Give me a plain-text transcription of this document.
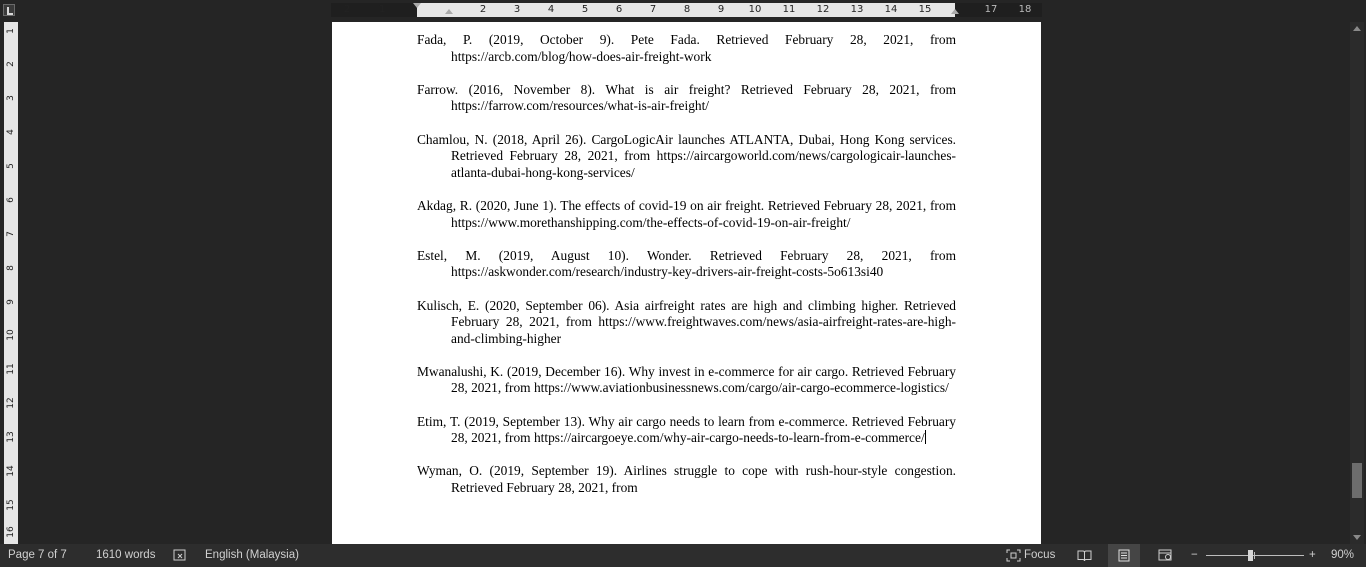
2	1	2	3	4	5	6	7	8	9 10 11 12 13 14 15	17 18
1
2
3
4
5
6
7
8
9
10
11
12
13
14
15
16

Fada, P. (2019, October 9). Pete Fada. Retrieved February 28, 2021, from https://arcb.com/blog/how-does-air-freight-work

Farrow. (2016, November 8). What is air freight? Retrieved February 28, 2021, from https://farrow.com/resources/what-is-air-freight/

Chamlou, N. (2018, April 26). CargoLogicAir launches ATLANTA, Dubai, Hong Kong services. Retrieved February 28, 2021, from https://aircargoworld.com/news/cargologicair-launches-atlanta-dubai-hong-kong-services/

Akdag, R. (2020, June 1). The effects of covid-19 on air freight. Retrieved February 28, 2021, from https://www.morethanshipping.com/the-effects-of-covid-19-on-air-freight/

Estel, M. (2019, August 10). Wonder. Retrieved February 28, 2021, from https://askwonder.com/research/industry-key-drivers-air-freight-costs-5o613si40

Kulisch, E. (2020, September 06). Asia airfreight rates are high and climbing higher. Retrieved February 28, 2021, from https://www.freightwaves.com/news/asia-airfreight-rates-are-high-and-climbing-higher

Mwanalushi, K. (2019, December 16). Why invest in e-commerce for air cargo. Retrieved February 28, 2021, from https://www.aviationbusinessnews.com/cargo/air-cargo-ecommerce-logistics/

Etim, T. (2019, September 13). Why air cargo needs to learn from e-commerce. Retrieved February 28, 2021, from https://aircargoeye.com/why-air-cargo-needs-to-learn-from-e-commerce/

Wyman, O. (2019, September 19). Airlines struggle to cope with rush-hour-style congestion. Retrieved February 28, 2021, from

Page 7 of 7	1610 words	English (Malaysia)	Focus	−	+ 90%
